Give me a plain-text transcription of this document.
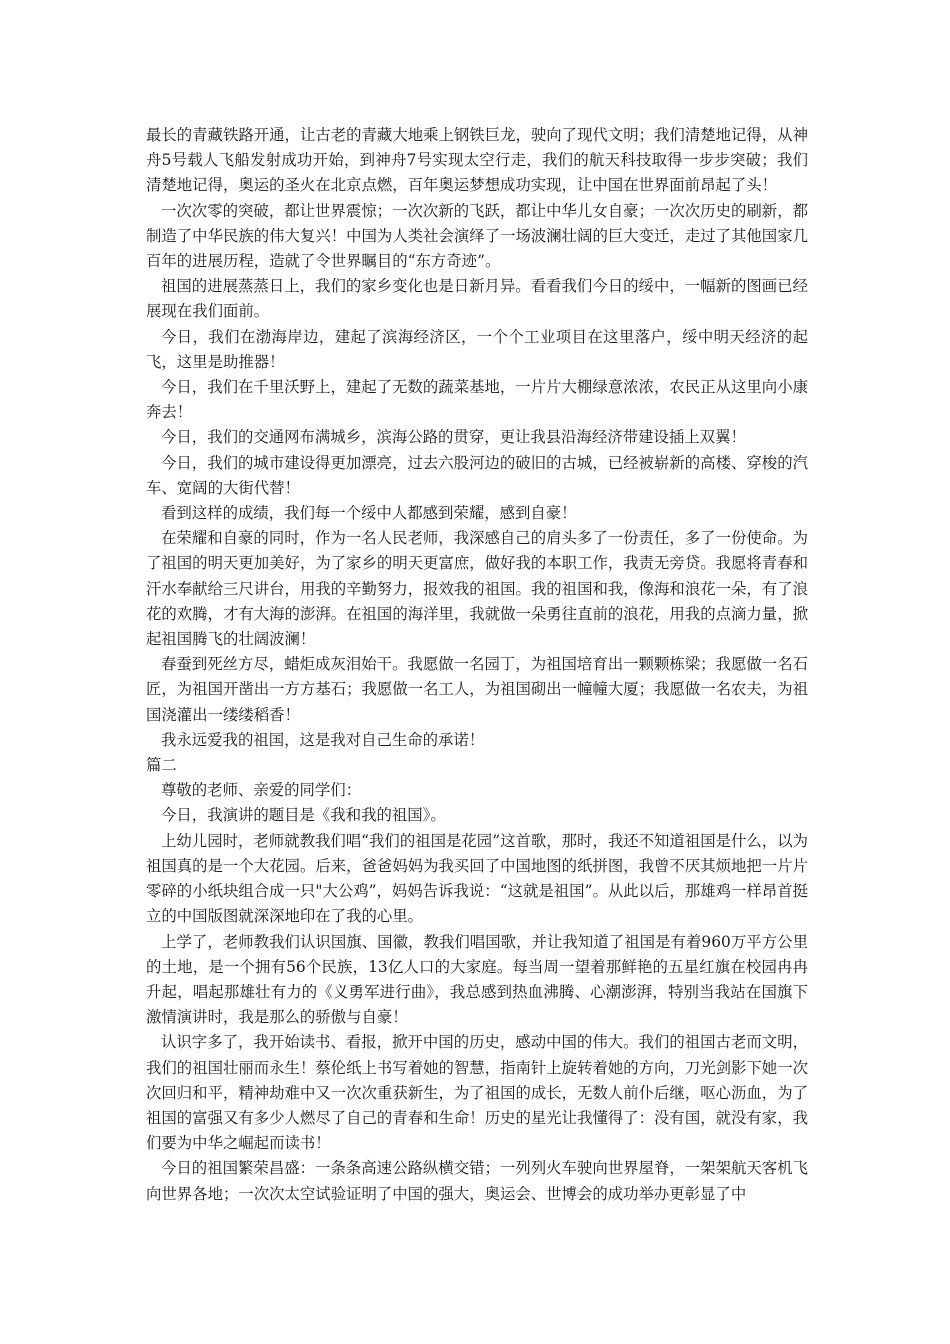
最长的青藏铁路开通，让古老的青藏大地乘上钢铁巨龙，驶向了现代文明；我们清楚地记得，从神舟5号载人飞船发射成功开始，到神舟7号实现太空行走，我们的航天科技取得一步步突破；我们清楚地记得，奥运的圣火在北京点燃，百年奥运梦想成功实现，让中国在世界面前昂起了头！

一次次零的突破，都让世界震惊；一次次新的飞跃，都让中华儿女自豪；一次次历史的刷新，都制造了中华民族的伟大复兴！中国为人类社会演绎了一场波澜壮阔的巨大变迁，走过了其他国家几百年的进展历程，造就了令世界瞩目的“东方奇迹”。

祖国的进展蒸蒸日上，我们的家乡变化也是日新月异。看看我们今日的绥中，一幅新的图画已经展现在我们面前。

今日，我们在渤海岸边，建起了滨海经济区，一个个工业项目在这里落户，绥中明天经济的起飞，这里是助推器！

今日，我们在千里沃野上，建起了无数的蔬菜基地，一片片大棚绿意浓浓，农民正从这里向小康奔去！

今日，我们的交通网布满城乡，滨海公路的贯穿，更让我县沿海经济带建设插上双翼！

今日，我们的城市建设得更加漂亮，过去六股河边的破旧的古城，已经被崭新的高楼、穿梭的汽车、宽阔的大街代替！

看到这样的成绩，我们每一个绥中人都感到荣耀，感到自豪！

在荣耀和自豪的同时，作为一名人民老师，我深感自己的肩头多了一份责任，多了一份使命。为了祖国的明天更加美好，为了家乡的明天更富庶，做好我的本职工作，我责无旁贷。我愿将青春和汗水奉献给三尺讲台，用我的辛勤努力，报效我的祖国。我的祖国和我，像海和浪花一朵，有了浪花的欢腾，才有大海的澎湃。在祖国的海洋里，我就做一朵勇往直前的浪花，用我的点滴力量，掀起祖国腾飞的壮阔波澜！

春蚕到死丝方尽，蜡炬成灰泪始干。我愿做一名园丁，为祖国培育出一颗颗栋梁；我愿做一名石匠，为祖国开凿出一方方基石；我愿做一名工人，为祖国砌出一幢幢大厦；我愿做一名农夫，为祖国浇灌出一缕缕稻香！

我永远爱我的祖国，这是我对自己生命的承诺！

篇二

尊敬的老师、亲爱的同学们：

今日，我演讲的题目是《我和我的祖国》。

上幼儿园时，老师就教我们唱“我们的祖国是花园”这首歌，那时，我还不知道祖国是什么，以为祖国真的是一个大花园。后来，爸爸妈妈为我买回了中国地图的纸拼图，我曾不厌其烦地把一片片零碎的小纸块组合成一只"大公鸡”，妈妈告诉我说：“这就是祖国”。从此以后，那雄鸡一样昂首挺立的中国版图就深深地印在了我的心里。

上学了，老师教我们认识国旗、国徽，教我们唱国歌，并让我知道了祖国是有着960万平方公里的土地，是一个拥有56个民族，13亿人口的大家庭。每当周一望着那鲜艳的五星红旗在校园冉冉升起，唱起那雄壮有力的《义勇军进行曲》，我总感到热血沸腾、心潮澎湃，特别当我站在国旗下激情演讲时，我是那么的骄傲与自豪！

认识字多了，我开始读书、看报，掀开中国的历史，感动中国的伟大。我们的祖国古老而文明，我们的祖国壮丽而永生！蔡伦纸上书写着她的智慧，指南针上旋转着她的方向，刀光剑影下她一次次回归和平，精神劫难中又一次次重获新生，为了祖国的成长，无数人前仆后继，呕心沥血，为了祖国的富强又有多少人燃尽了自己的青春和生命！历史的星光让我懂得了：没有国，就没有家，我们要为中华之崛起而读书！

今日的祖国繁荣昌盛：一条条高速公路纵横交错；一列列火车驶向世界屋脊，一架架航天客机飞向世界各地；一次次太空试验证明了中国的强大，奥运会、世博会的成功举办更彰显了中
